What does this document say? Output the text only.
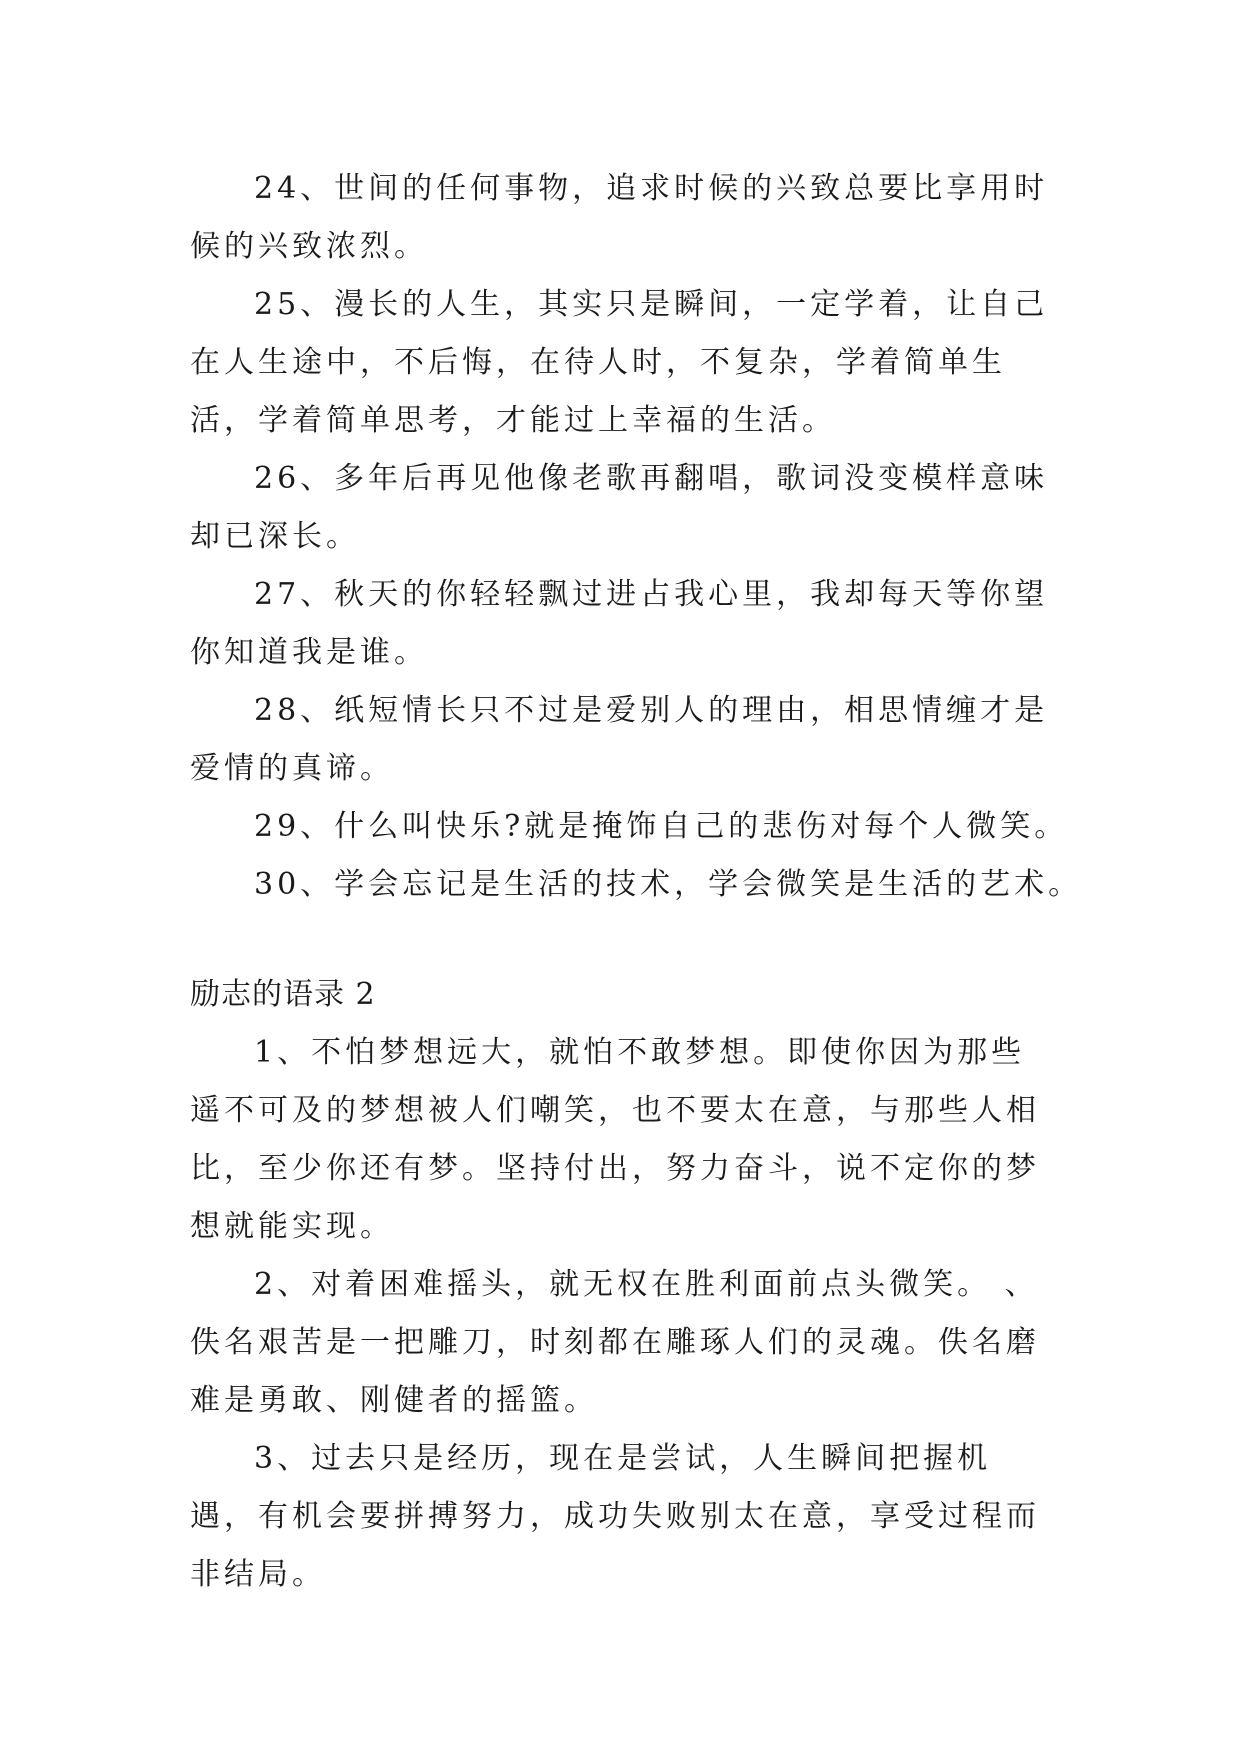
24、世间的任何事物，追求时候的兴致总要比享用时候的兴致浓烈。

25、漫长的人生，其实只是瞬间，一定学着，让自己在人生途中，不后悔，在待人时，不复杂，学着简单生活，学着简单思考，才能过上幸福的生活。

26、多年后再见他像老歌再翻唱，歌词没变模样意味却已深长。

27、秋天的你轻轻飘过进占我心里，我却每天等你望你知道我是谁。

28、纸短情长只不过是爱别人的理由，相思情缠才是爱情的真谛。

29、什么叫快乐?就是掩饰自己的悲伤对每个人微笑。

30、学会忘记是生活的技术，学会微笑是生活的艺术。

励志的语录 2

1、不怕梦想远大，就怕不敢梦想。即使你因为那些遥不可及的梦想被人们嘲笑，也不要太在意，与那些人相比，至少你还有梦。坚持付出，努力奋斗，说不定你的梦想就能实现。

2、对着困难摇头，就无权在胜利面前点头微笑。 、佚名艰苦是一把雕刀，时刻都在雕琢人们的灵魂。佚名磨难是勇敢、刚健者的摇篮。

3、过去只是经历，现在是尝试，人生瞬间把握机遇，有机会要拼搏努力，成功失败别太在意，享受过程而非结局。
